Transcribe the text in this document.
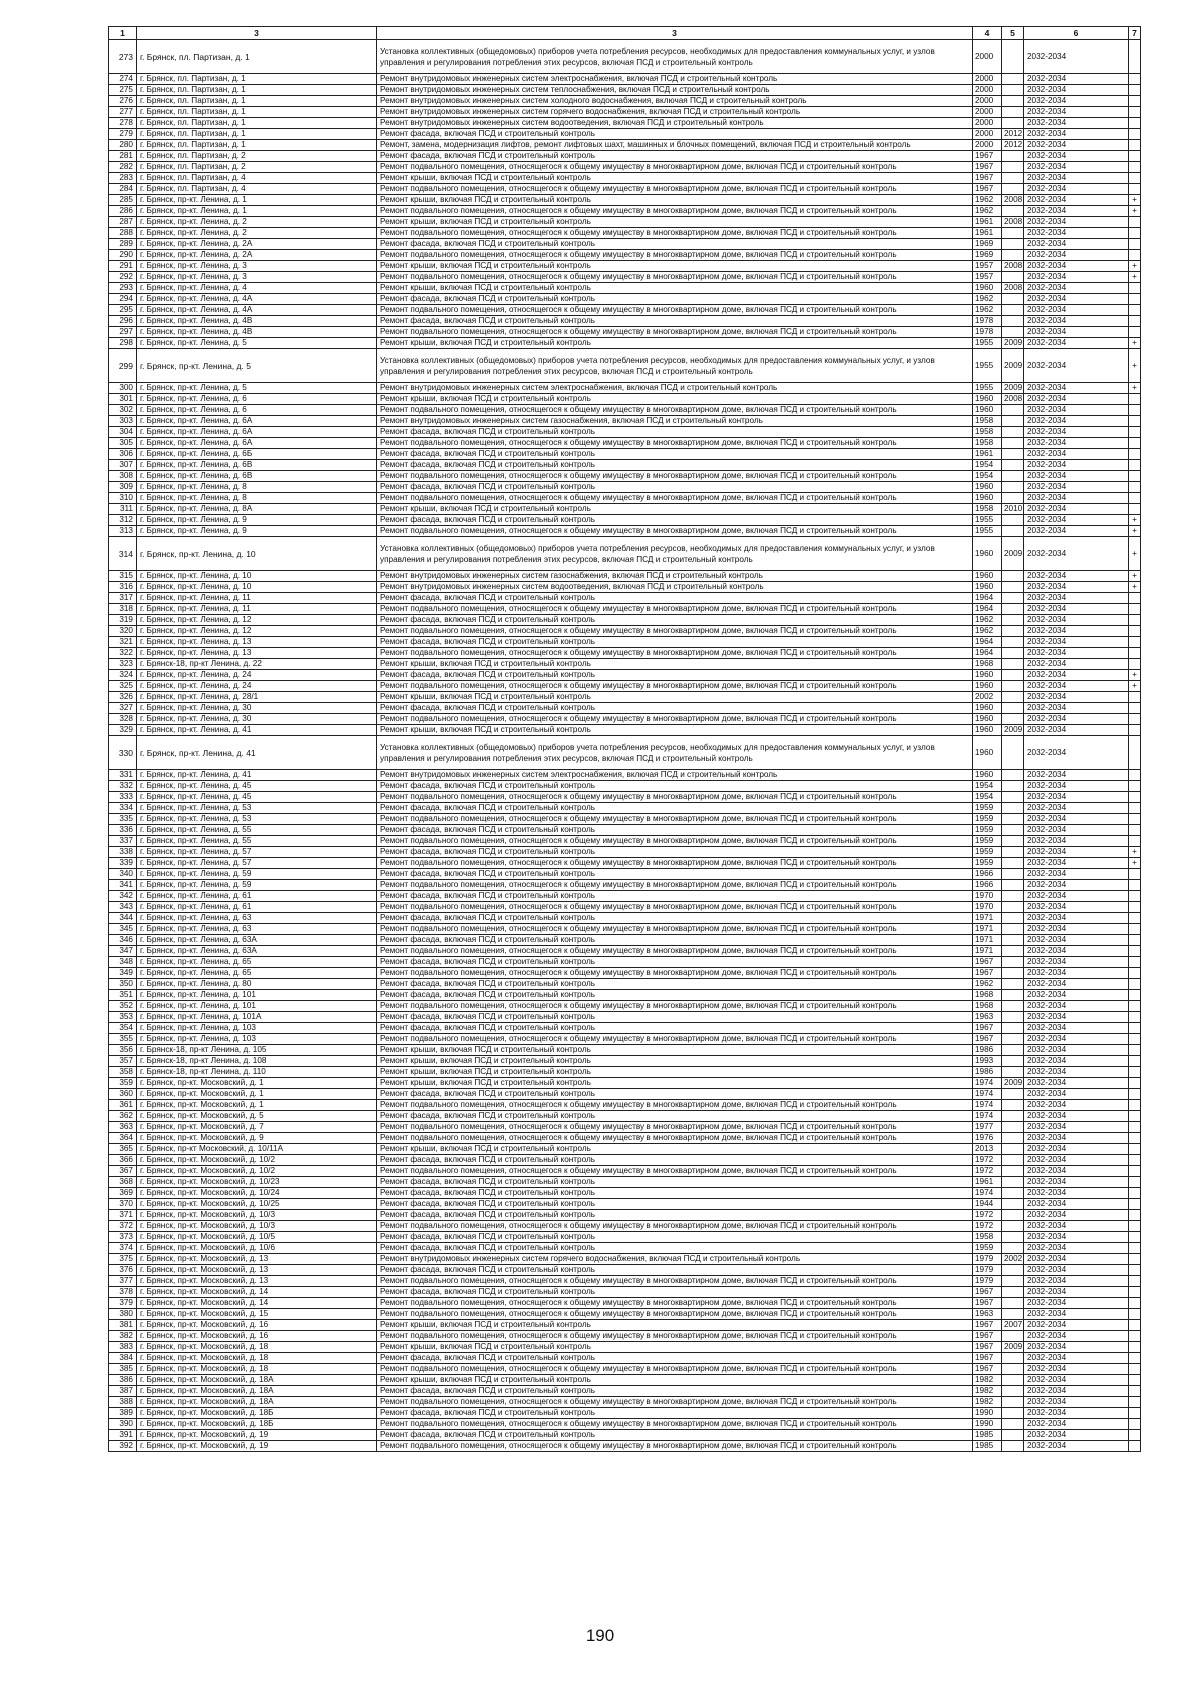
1	3	3	4	5	6	7
273	г. Брянск, пл. Партизан, д. 1	Установка коллективных (общедомовых) приборов учета потребления ресурсов, необходимых для предоставления коммунальных услуг, и узлов управления и регулирования потребления этих ресурсов, включая ПСД и строительный контроль	2000		2032-2034	
274	г. Брянск, пл. Партизан, д. 1	Ремонт внутридомовых инженерных систем электроснабжения, включая ПСД и строительный контроль	2000		2032-2034	
275	г. Брянск, пл. Партизан, д. 1	Ремонт внутридомовых инженерных систем теплоснабжения, включая ПСД и строительный контроль	2000		2032-2034	
276	г. Брянск, пл. Партизан, д. 1	Ремонт внутридомовых инженерных систем холодного водоснабжения, включая ПСД и строительный контроль	2000		2032-2034	
277	г. Брянск, пл. Партизан, д. 1	Ремонт внутридомовых инженерных систем горячего водоснабжения, включая ПСД и строительный контроль	2000		2032-2034	
278	г. Брянск, пл. Партизан, д. 1	Ремонт внутридомовых инженерных систем водоотведения, включая ПСД и строительный контроль	2000		2032-2034	
279	г. Брянск, пл. Партизан, д. 1	Ремонт фасада, включая ПСД и строительный контроль	2000	2012	2032-2034	
280	г. Брянск, пл. Партизан, д. 1	Ремонт, замена, модернизация лифтов, ремонт лифтовых шахт, машинных и блочных помещений, включая ПСД и строительный контроль	2000	2012	2032-2034	
281	г. Брянск, пл. Партизан, д. 2	Ремонт фасада, включая ПСД и строительный контроль	1967		2032-2034	
282	г. Брянск, пл. Партизан, д. 2	Ремонт подвального помещения, относящегося к общему имуществу в многоквартирном доме, включая ПСД и строительный контроль	1967		2032-2034	
283	г. Брянск, пл. Партизан, д. 4	Ремонт крыши, включая ПСД и строительный контроль	1967		2032-2034	
284	г. Брянск, пл. Партизан, д. 4	Ремонт подвального помещения, относящегося к общему имуществу в многоквартирном доме, включая ПСД и строительный контроль	1967		2032-2034	
285	г. Брянск, пр-кт. Ленина, д. 1	Ремонт крыши, включая ПСД и строительный контроль	1962	2008	2032-2034	+
286	г. Брянск, пр-кт. Ленина, д. 1	Ремонт подвального помещения, относящегося к общему имуществу в многоквартирном доме, включая ПСД и строительный контроль	1962		2032-2034	+
287	г. Брянск, пр-кт. Ленина, д. 2	Ремонт крыши, включая ПСД и строительный контроль	1961	2008	2032-2034	
288	г. Брянск, пр-кт. Ленина, д. 2	Ремонт подвального помещения, относящегося к общему имуществу в многоквартирном доме, включая ПСД и строительный контроль	1961		2032-2034	
289	г. Брянск, пр-кт. Ленина, д. 2А	Ремонт фасада, включая ПСД и строительный контроль	1969		2032-2034	
290	г. Брянск, пр-кт. Ленина, д. 2А	Ремонт подвального помещения, относящегося к общему имуществу в многоквартирном доме, включая ПСД и строительный контроль	1969		2032-2034	
291	г. Брянск, пр-кт. Ленина, д. 3	Ремонт крыши, включая ПСД и строительный контроль	1957	2008	2032-2034	+
292	г. Брянск, пр-кт. Ленина, д. 3	Ремонт подвального помещения, относящегося к общему имуществу в многоквартирном доме, включая ПСД и строительный контроль	1957		2032-2034	+
293	г. Брянск, пр-кт. Ленина, д. 4	Ремонт крыши, включая ПСД и строительный контроль	1960	2008	2032-2034	
294	г. Брянск, пр-кт. Ленина, д. 4А	Ремонт фасада, включая ПСД и строительный контроль	1962		2032-2034	
295	г. Брянск, пр-кт. Ленина, д. 4А	Ремонт подвального помещения, относящегося к общему имуществу в многоквартирном доме, включая ПСД и строительный контроль	1962		2032-2034	
296	г. Брянск, пр-кт. Ленина, д. 4В	Ремонт фасада, включая ПСД и строительный контроль	1978		2032-2034	
297	г. Брянск, пр-кт. Ленина, д. 4В	Ремонт подвального помещения, относящегося к общему имуществу в многоквартирном доме, включая ПСД и строительный контроль	1978		2032-2034	
298	г. Брянск, пр-кт. Ленина, д. 5	Ремонт крыши, включая ПСД и строительный контроль	1955	2009	2032-2034	+
299	г. Брянск, пр-кт. Ленина, д. 5	Установка коллективных (общедомовых) приборов учета потребления ресурсов, необходимых для предоставления коммунальных услуг, и узлов управления и регулирования потребления этих ресурсов, включая ПСД и строительный контроль	1955	2009	2032-2034	+
300	г. Брянск, пр-кт. Ленина, д. 5	Ремонт внутридомовых инженерных систем электроснабжения, включая ПСД и строительный контроль	1955	2009	2032-2034	+
301	г. Брянск, пр-кт. Ленина, д. 6	Ремонт крыши, включая ПСД и строительный контроль	1960	2008	2032-2034	
302	г. Брянск, пр-кт. Ленина, д. 6	Ремонт подвального помещения, относящегося к общему имуществу в многоквартирном доме, включая ПСД и строительный контроль	1960		2032-2034	
303	г. Брянск, пр-кт. Ленина, д. 6А	Ремонт внутридомовых инженерных систем газоснабжения, включая ПСД и строительный контроль	1958		2032-2034	
304	г. Брянск, пр-кт. Ленина, д. 6А	Ремонт фасада, включая ПСД и строительный контроль	1958		2032-2034	
305	г. Брянск, пр-кт. Ленина, д. 6А	Ремонт подвального помещения, относящегося к общему имуществу в многоквартирном доме, включая ПСД и строительный контроль	1958		2032-2034	
306	г. Брянск, пр-кт. Ленина, д. 6Б	Ремонт фасада, включая ПСД и строительный контроль	1961		2032-2034	
307	г. Брянск, пр-кт. Ленина, д. 6В	Ремонт фасада, включая ПСД и строительный контроль	1954		2032-2034	
308	г. Брянск, пр-кт. Ленина, д. 6В	Ремонт подвального помещения, относящегося к общему имуществу в многоквартирном доме, включая ПСД и строительный контроль	1954		2032-2034	
309	г. Брянск, пр-кт. Ленина, д. 8	Ремонт фасада, включая ПСД и строительный контроль	1960		2032-2034	
310	г. Брянск, пр-кт. Ленина, д. 8	Ремонт подвального помещения, относящегося к общему имуществу в многоквартирном доме, включая ПСД и строительный контроль	1960		2032-2034	
311	г. Брянск, пр-кт. Ленина, д. 8А	Ремонт крыши, включая ПСД и строительный контроль	1958	2010	2032-2034	
312	г. Брянск, пр-кт. Ленина, д. 9	Ремонт фасада, включая ПСД и строительный контроль	1955		2032-2034	+
313	г. Брянск, пр-кт. Ленина, д. 9	Ремонт подвального помещения, относящегося к общему имуществу в многоквартирном доме, включая ПСД и строительный контроль	1955		2032-2034	+
314	г. Брянск, пр-кт. Ленина, д. 10	Установка коллективных (общедомовых) приборов учета потребления ресурсов, необходимых для предоставления коммунальных услуг, и узлов управления и регулирования потребления этих ресурсов, включая ПСД и строительный контроль	1960	2009	2032-2034	+
315	г. Брянск, пр-кт. Ленина, д. 10	Ремонт внутридомовых инженерных систем газоснабжения, включая ПСД и строительный контроль	1960		2032-2034	+
316	г. Брянск, пр-кт. Ленина, д. 10	Ремонт внутридомовых инженерных систем водоотведения, включая ПСД и строительный контроль	1960		2032-2034	+
317	г. Брянск, пр-кт. Ленина, д. 11	Ремонт фасада, включая ПСД и строительный контроль	1964		2032-2034	
318	г. Брянск, пр-кт. Ленина, д. 11	Ремонт подвального помещения, относящегося к общему имуществу в многоквартирном доме, включая ПСД и строительный контроль	1964		2032-2034	
319	г. Брянск, пр-кт. Ленина, д. 12	Ремонт фасада, включая ПСД и строительный контроль	1962		2032-2034	
320	г. Брянск, пр-кт. Ленина, д. 12	Ремонт подвального помещения, относящегося к общему имуществу в многоквартирном доме, включая ПСД и строительный контроль	1962		2032-2034	
321	г. Брянск, пр-кт. Ленина, д. 13	Ремонт фасада, включая ПСД и строительный контроль	1964		2032-2034	
322	г. Брянск, пр-кт. Ленина, д. 13	Ремонт подвального помещения, относящегося к общему имуществу в многоквартирном доме, включая ПСД и строительный контроль	1964		2032-2034	
323	г. Брянск-18, пр-кт Ленина, д. 22	Ремонт крыши, включая ПСД и строительный контроль	1968		2032-2034	
324	г. Брянск, пр-кт. Ленина, д. 24	Ремонт фасада, включая ПСД и строительный контроль	1960		2032-2034	+
325	г. Брянск, пр-кт. Ленина, д. 24	Ремонт подвального помещения, относящегося к общему имуществу в многоквартирном доме, включая ПСД и строительный контроль	1960		2032-2034	+
326	г. Брянск, пр-кт. Ленина, д. 28/1	Ремонт крыши, включая ПСД и строительный контроль	2002		2032-2034	
327	г. Брянск, пр-кт. Ленина, д. 30	Ремонт фасада, включая ПСД и строительный контроль	1960		2032-2034	
328	г. Брянск, пр-кт. Ленина, д. 30	Ремонт подвального помещения, относящегося к общему имуществу в многоквартирном доме, включая ПСД и строительный контроль	1960		2032-2034	
329	г. Брянск, пр-кт. Ленина, д. 41	Ремонт крыши, включая ПСД и строительный контроль	1960	2009	2032-2034	
330	г. Брянск, пр-кт. Ленина, д. 41	Установка коллективных (общедомовых) приборов учета потребления ресурсов, необходимых для предоставления коммунальных услуг, и узлов управления и регулирования потребления этих ресурсов, включая ПСД и строительный контроль	1960		2032-2034	
331	г. Брянск, пр-кт. Ленина, д. 41	Ремонт внутридомовых инженерных систем электроснабжения, включая ПСД и строительный контроль	1960		2032-2034	
332	г. Брянск, пр-кт. Ленина, д. 45	Ремонт фасада, включая ПСД и строительный контроль	1954		2032-2034	
333	г. Брянск, пр-кт. Ленина, д. 45	Ремонт подвального помещения, относящегося к общему имуществу в многоквартирном доме, включая ПСД и строительный контроль	1954		2032-2034	
334	г. Брянск, пр-кт. Ленина, д. 53	Ремонт фасада, включая ПСД и строительный контроль	1959		2032-2034	
335	г. Брянск, пр-кт. Ленина, д. 53	Ремонт подвального помещения, относящегося к общему имуществу в многоквартирном доме, включая ПСД и строительный контроль	1959		2032-2034	
336	г. Брянск, пр-кт. Ленина, д. 55	Ремонт фасада, включая ПСД и строительный контроль	1959		2032-2034	
337	г. Брянск, пр-кт. Ленина, д. 55	Ремонт подвального помещения, относящегося к общему имуществу в многоквартирном доме, включая ПСД и строительный контроль	1959		2032-2034	
338	г. Брянск, пр-кт. Ленина, д. 57	Ремонт фасада, включая ПСД и строительный контроль	1959		2032-2034	+
339	г. Брянск, пр-кт. Ленина, д. 57	Ремонт подвального помещения, относящегося к общему имуществу в многоквартирном доме, включая ПСД и строительный контроль	1959		2032-2034	+
340	г. Брянск, пр-кт. Ленина, д. 59	Ремонт фасада, включая ПСД и строительный контроль	1966		2032-2034	
341	г. Брянск, пр-кт. Ленина, д. 59	Ремонт подвального помещения, относящегося к общему имуществу в многоквартирном доме, включая ПСД и строительный контроль	1966		2032-2034	
342	г. Брянск, пр-кт. Ленина, д. 61	Ремонт фасада, включая ПСД и строительный контроль	1970		2032-2034	
343	г. Брянск, пр-кт. Ленина, д. 61	Ремонт подвального помещения, относящегося к общему имуществу в многоквартирном доме, включая ПСД и строительный контроль	1970		2032-2034	
344	г. Брянск, пр-кт. Ленина, д. 63	Ремонт фасада, включая ПСД и строительный контроль	1971		2032-2034	
345	г. Брянск, пр-кт. Ленина, д. 63	Ремонт подвального помещения, относящегося к общему имуществу в многоквартирном доме, включая ПСД и строительный контроль	1971		2032-2034	
346	г. Брянск, пр-кт. Ленина, д. 63А	Ремонт фасада, включая ПСД и строительный контроль	1971		2032-2034	
347	г. Брянск, пр-кт. Ленина, д. 63А	Ремонт подвального помещения, относящегося к общему имуществу в многоквартирном доме, включая ПСД и строительный контроль	1971		2032-2034	
348	г. Брянск, пр-кт. Ленина, д. 65	Ремонт фасада, включая ПСД и строительный контроль	1967		2032-2034	
349	г. Брянск, пр-кт. Ленина, д. 65	Ремонт подвального помещения, относящегося к общему имуществу в многоквартирном доме, включая ПСД и строительный контроль	1967		2032-2034	
350	г. Брянск, пр-кт. Ленина, д. 80	Ремонт фасада, включая ПСД и строительный контроль	1962		2032-2034	
351	г. Брянск, пр-кт. Ленина, д. 101	Ремонт фасада, включая ПСД и строительный контроль	1968		2032-2034	
352	г. Брянск, пр-кт. Ленина, д. 101	Ремонт подвального помещения, относящегося к общему имуществу в многоквартирном доме, включая ПСД и строительный контроль	1968		2032-2034	
353	г. Брянск, пр-кт. Ленина, д. 101А	Ремонт фасада, включая ПСД и строительный контроль	1963		2032-2034	
354	г. Брянск, пр-кт. Ленина, д. 103	Ремонт фасада, включая ПСД и строительный контроль	1967		2032-2034	
355	г. Брянск, пр-кт. Ленина, д. 103	Ремонт подвального помещения, относящегося к общему имуществу в многоквартирном доме, включая ПСД и строительный контроль	1967		2032-2034	
356	г. Брянск-18, пр-кт Ленина, д. 105	Ремонт крыши, включая ПСД и строительный контроль	1986		2032-2034	
357	г. Брянск-18, пр-кт Ленина, д. 108	Ремонт крыши, включая ПСД и строительный контроль	1993		2032-2034	
358	г. Брянск-18, пр-кт Ленина, д. 110	Ремонт крыши, включая ПСД и строительный контроль	1986		2032-2034	
359	г. Брянск, пр-кт. Московский, д. 1	Ремонт крыши, включая ПСД и строительный контроль	1974	2009	2032-2034	
360	г. Брянск, пр-кт. Московский, д. 1	Ремонт фасада, включая ПСД и строительный контроль	1974		2032-2034	
361	г. Брянск, пр-кт. Московский, д. 1	Ремонт подвального помещения, относящегося к общему имуществу в многоквартирном доме, включая ПСД и строительный контроль	1974		2032-2034	
362	г. Брянск, пр-кт. Московский, д. 5	Ремонт фасада, включая ПСД и строительный контроль	1974		2032-2034	
363	г. Брянск, пр-кт. Московский, д. 7	Ремонт подвального помещения, относящегося к общему имуществу в многоквартирном доме, включая ПСД и строительный контроль	1977		2032-2034	
364	г. Брянск, пр-кт. Московский, д. 9	Ремонт подвального помещения, относящегося к общему имуществу в многоквартирном доме, включая ПСД и строительный контроль	1976		2032-2034	
365	г. Брянск, пр-кт Московский, д. 10/11А	Ремонт крыши, включая ПСД и строительный контроль	2013		2032-2034	
366	г. Брянск, пр-кт. Московский, д. 10/2	Ремонт фасада, включая ПСД и строительный контроль	1972		2032-2034	
367	г. Брянск, пр-кт. Московский, д. 10/2	Ремонт подвального помещения, относящегося к общему имуществу в многоквартирном доме, включая ПСД и строительный контроль	1972		2032-2034	
368	г. Брянск, пр-кт. Московский, д. 10/23	Ремонт фасада, включая ПСД и строительный контроль	1961		2032-2034	
369	г. Брянск, пр-кт. Московский, д. 10/24	Ремонт фасада, включая ПСД и строительный контроль	1974		2032-2034	
370	г. Брянск, пр-кт. Московский, д. 10/25	Ремонт фасада, включая ПСД и строительный контроль	1944		2032-2034	
371	г. Брянск, пр-кт. Московский, д. 10/3	Ремонт фасада, включая ПСД и строительный контроль	1972		2032-2034	
372	г. Брянск, пр-кт. Московский, д. 10/3	Ремонт подвального помещения, относящегося к общему имуществу в многоквартирном доме, включая ПСД и строительный контроль	1972		2032-2034	
373	г. Брянск, пр-кт. Московский, д. 10/5	Ремонт фасада, включая ПСД и строительный контроль	1958		2032-2034	
374	г. Брянск, пр-кт. Московский, д. 10/6	Ремонт фасада, включая ПСД и строительный контроль	1959		2032-2034	
375	г. Брянск, пр-кт. Московский, д. 13	Ремонт внутридомовых инженерных систем горячего водоснабжения, включая ПСД и строительный контроль	1979	2002	2032-2034	
376	г. Брянск, пр-кт. Московский, д. 13	Ремонт фасада, включая ПСД и строительный контроль	1979		2032-2034	
377	г. Брянск, пр-кт. Московский, д. 13	Ремонт подвального помещения, относящегося к общему имуществу в многоквартирном доме, включая ПСД и строительный контроль	1979		2032-2034	
378	г. Брянск, пр-кт. Московский, д. 14	Ремонт фасада, включая ПСД и строительный контроль	1967		2032-2034	
379	г. Брянск, пр-кт. Московский, д. 14	Ремонт подвального помещения, относящегося к общему имуществу в многоквартирном доме, включая ПСД и строительный контроль	1967		2032-2034	
380	г. Брянск, пр-кт. Московский, д. 15	Ремонт подвального помещения, относящегося к общему имуществу в многоквартирном доме, включая ПСД и строительный контроль	1963		2032-2034	
381	г. Брянск, пр-кт. Московский, д. 16	Ремонт крыши, включая ПСД и строительный контроль	1967	2007	2032-2034	
382	г. Брянск, пр-кт. Московский, д. 16	Ремонт подвального помещения, относящегося к общему имуществу в многоквартирном доме, включая ПСД и строительный контроль	1967		2032-2034	
383	г. Брянск, пр-кт. Московский, д. 18	Ремонт крыши, включая ПСД и строительный контроль	1967	2009	2032-2034	
384	г. Брянск, пр-кт. Московский, д. 18	Ремонт фасада, включая ПСД и строительный контроль	1967		2032-2034	
385	г. Брянск, пр-кт. Московский, д. 18	Ремонт подвального помещения, относящегося к общему имуществу в многоквартирном доме, включая ПСД и строительный контроль	1967		2032-2034	
386	г. Брянск, пр-кт. Московский, д. 18А	Ремонт крыши, включая ПСД и строительный контроль	1982		2032-2034	
387	г. Брянск, пр-кт. Московский, д. 18А	Ремонт фасада, включая ПСД и строительный контроль	1982		2032-2034	
388	г. Брянск, пр-кт. Московский, д. 18А	Ремонт подвального помещения, относящегося к общему имуществу в многоквартирном доме, включая ПСД и строительный контроль	1982		2032-2034	
389	г. Брянск, пр-кт. Московский, д. 18Б	Ремонт фасада, включая ПСД и строительный контроль	1990		2032-2034	
390	г. Брянск, пр-кт. Московский, д. 18Б	Ремонт подвального помещения, относящегося к общему имуществу в многоквартирном доме, включая ПСД и строительный контроль	1990		2032-2034	
391	г. Брянск, пр-кт. Московский, д. 19	Ремонт фасада, включая ПСД и строительный контроль	1985		2032-2034	
392	г. Брянск, пр-кт. Московский, д. 19	Ремонт подвального помещения, относящегося к общему имуществу в многоквартирном доме, включая ПСД и строительный контроль	1985		2032-2034	
190
